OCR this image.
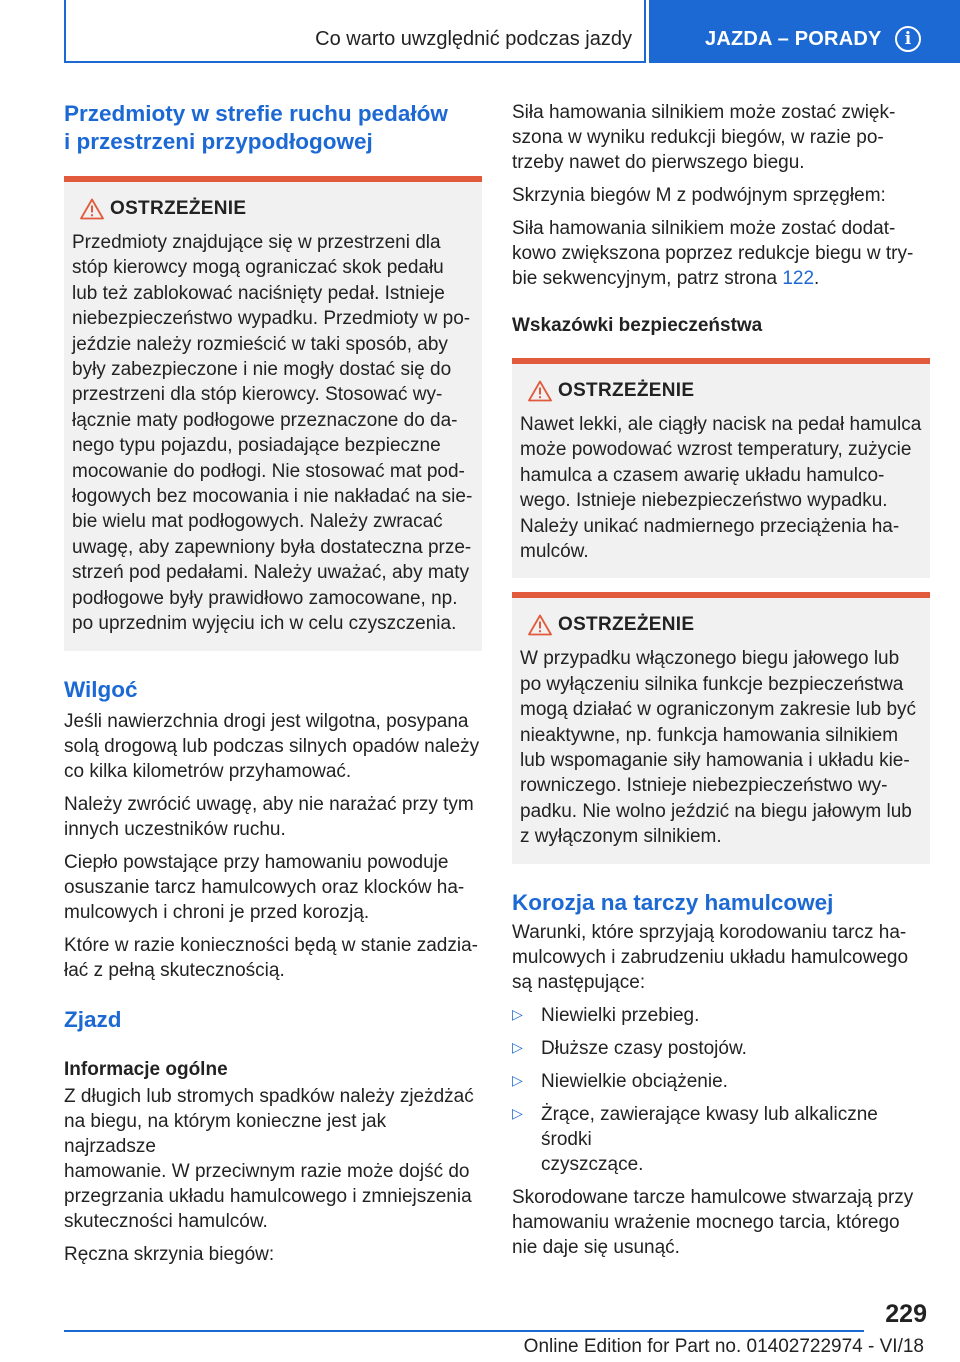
Co warto uwzględnić podczas jazdy	JAZDA – PORADY	i
Przedmioty w strefie ruchu pedałów
i przestrzeni przypodłogowej
OSTRZEŻENIE
Przedmioty znajdujące się w przestrzeni dla
stóp kierowcy mogą ograniczać skok pedału
lub też zablokować naciśnięty pedał. Istnieje
niebezpieczeństwo wypadku. Przedmioty w po‐
jeździe należy rozmieścić w taki sposób, aby
były zabezpieczone i nie mogły dostać się do
przestrzeni dla stóp kierowcy. Stosować wy‐
łącznie maty podłogowe przeznaczone do da‐
nego typu pojazdu, posiadające bezpieczne
mocowanie do podłogi. Nie stosować mat pod‐
łogowych bez mocowania i nie nakładać na sie‐
bie wielu mat podłogowych. Należy zwracać
uwagę, aby zapewniony była dostateczna prze‐
strzeń pod pedałami. Należy uważać, aby maty
podłogowe były prawidłowo zamocowane, np.
po uprzednim wyjęciu ich w celu czyszczenia.
Wilgoć
Jeśli nawierzchnia drogi jest wilgotna, posypana
solą drogową lub podczas silnych opadów należy
co kilka kilometrów przyhamować.
Należy zwrócić uwagę, aby nie narażać przy tym
innych uczestników ruchu.
Ciepło powstające przy hamowaniu powoduje
osuszanie tarcz hamulcowych oraz klocków ha‐
mulcowych i chroni je przed korozją.
Które w razie konieczności będą w stanie zadzia‐
łać z pełną skutecznością.
Zjazd
Informacje ogólne
Z długich lub stromych spadków należy zjeżdżać
na biegu, na którym konieczne jest jak najrzadsze
hamowanie. W przeciwnym razie może dojść do
przegrzania układu hamulcowego i zmniejszenia
skuteczności hamulców.
Ręczna skrzynia biegów:
Siła hamowania silnikiem może zostać zwięk‐
szona w wyniku redukcji biegów, w razie po‐
trzeby nawet do pierwszego biegu.
Skrzynia biegów M z podwójnym sprzęgłem:
Siła hamowania silnikiem może zostać dodat‐
kowo zwiększona poprzez redukcje biegu w try‐
bie sekwencyjnym, patrz strona 122.
Wskazówki bezpieczeństwa
OSTRZEŻENIE
Nawet lekki, ale ciągły nacisk na pedał hamulca
może powodować wzrost temperatury, zużycie
hamulca a czasem awarię układu hamulco‐
wego. Istnieje niebezpieczeństwo wypadku.
Należy unikać nadmiernego przeciążenia ha‐
mulców.
OSTRZEŻENIE
W przypadku włączonego biegu jałowego lub
po wyłączeniu silnika funkcje bezpieczeństwa
mogą działać w ograniczonym zakresie lub być
nieaktywne, np. funkcja hamowania silnikiem
lub wspomaganie siły hamowania i układu kie‐
rowniczego. Istnieje niebezpieczeństwo wy‐
padku. Nie wolno jeździć na biegu jałowym lub
z wyłączonym silnikiem.
Korozja na tarczy hamulcowej
Warunki, które sprzyjają korodowaniu tarcz ha‐
mulcowych i zabrudzeniu układu hamulcowego
są następujące:
▷ Niewielki przebieg.
▷ Dłuższe czasy postojów.
▷ Niewielkie obciążenie.
▷ Żrące, zawierające kwasy lub alkaliczne środki
czyszczące.
Skorodowane tarcze hamulcowe stwarzają przy
hamowaniu wrażenie mocnego tarcia, którego
nie daje się usunąć.
229
Online Edition for Part no. 01402722974 - VI/18
